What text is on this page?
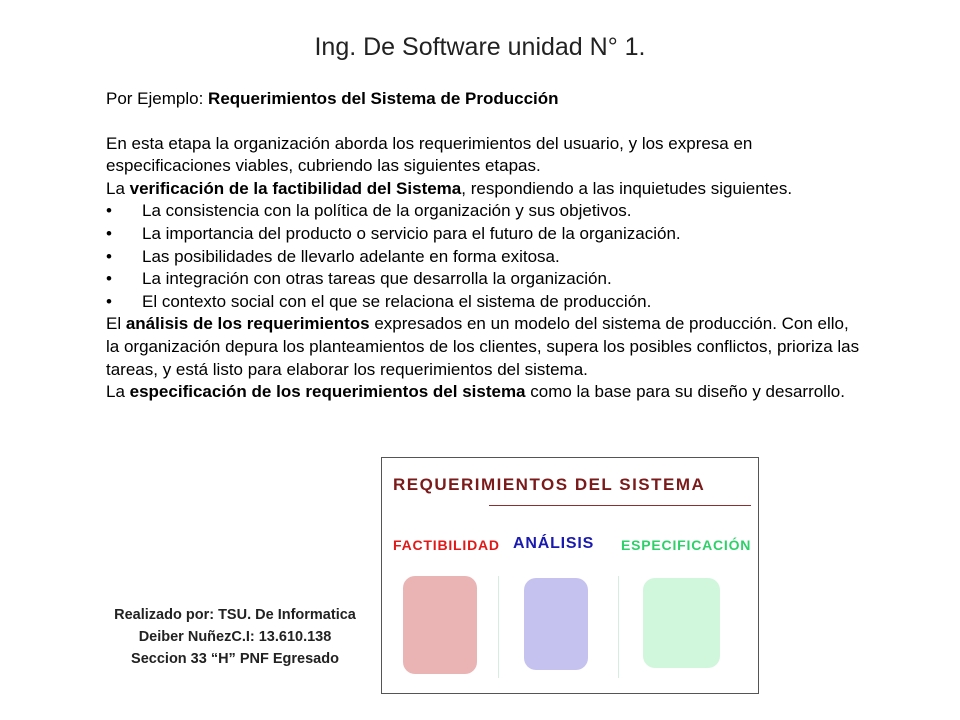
Ing. De Software unidad N° 1.

Por Ejemplo: Requerimientos del Sistema de Producción

En esta etapa la organización aborda los requerimientos del usuario, y los expresa en especificaciones viables, cubriendo las siguientes etapas.

La verificación de la factibilidad del Sistema, respondiendo a las inquietudes siguientes.

•	La consistencia con la política de la organización y sus objetivos.
•	La importancia del producto o servicio para el futuro de la organización.
•	Las posibilidades de llevarlo adelante en forma exitosa.
•	La integración con otras tareas que desarrolla la organización.
•	El contexto social con el que se relaciona el sistema de producción.

El análisis de los requerimientos expresados en un modelo del sistema de producción. Con ello, la organización depura los planteamientos de los clientes, supera los posibles conflictos, prioriza las tareas, y está listo para elaborar los requerimientos del sistema.

La especificación de los requerimientos del sistema como la base para su diseño y desarrollo.

Realizado por: TSU. De Informatica
Deiber NuñezC.I: 13.610.138
Seccion 33 “H” PNF Egresado
REQUERIMIENTOS DEL SISTEMA
FACTIBILIDAD ANÁLISIS ESPECIFICACIÓN
